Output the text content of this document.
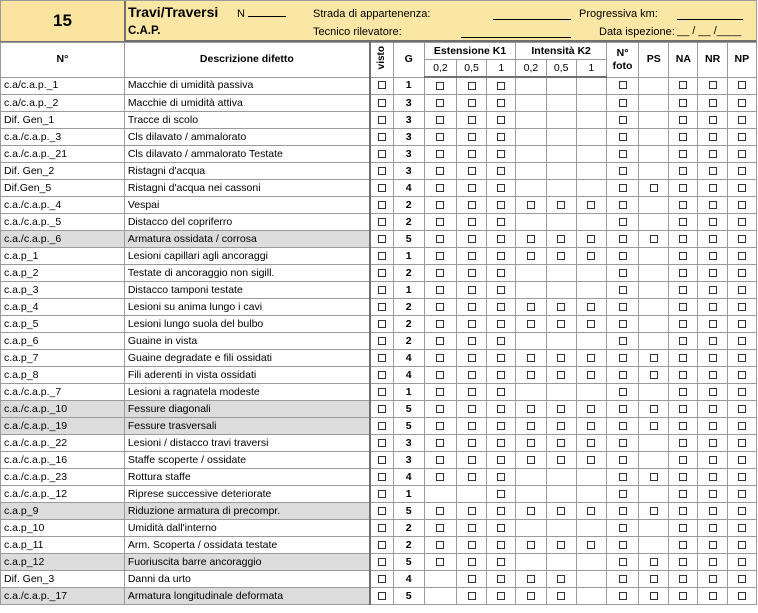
15	Travi/Traversi
C.A.P.
N	Strada di appartenenza:	Progressiva km:
Tecnico rilevatore:	Data ispezione: __ / __ /____
N°	Descrizione difetto	visto	G	Estensione K1			Intensità K2			N° foto	PS	NA	NR	NP
				0,2	0,5	1	0,2	0,5	1					
c.a/c.a.p._1	Macchie di umidità passiva		1											
c.a/c.a.p._2	Macchie di umidità attiva		3											
Dif. Gen_1	Tracce di scolo		3											
c.a./c.a.p._3	Cls dilavato / ammalorato		3											
c.a./c.a.p._21	Cls dilavato / ammalorato Testate		3											
Dif. Gen_2	Ristagni d'acqua		3											
Dif.Gen_5	Ristagni d'acqua nei cassoni		4											
c.a./c.a.p._4	Vespai		2											
c.a./c.a.p._5	Distacco del copriferro		2											
c.a./c.a.p._6	Armatura ossidata / corrosa		5											
c.a.p_1	Lesioni capillari agli ancoraggi		1											
c.a.p_2	Testate di ancoraggio non sigill.		2											
c.a.p_3	Distacco tamponi testate		1											
c.a.p_4	Lesioni su anima lungo i cavi		2											
c.a.p_5	Lesioni lungo suola del bulbo		2											
c.a.p_6	Guaine in vista		2											
c.a.p_7	Guaine degradate e fili ossidati		4											
c.a.p_8	Fili aderenti in vista ossidati		4											
c.a./c.a.p._7	Lesioni a ragnatela modeste		1											
c.a./c.a.p._10	Fessure diagonali		5											
c.a./c.a.p._19	Fessure trasversali		5											
c.a./c.a.p._22	Lesioni / distacco travi traversi		3											
c.a./c.a.p._16	Staffe scoperte / ossidate		3											
c.a./c.a.p._23	Rottura staffe		4											
c.a./c.a.p._12	Riprese successive deteriorate		1											
c.a.p_9	Riduzione armatura di precompr.		5											
c.a.p_10	Umidità dall'interno		2											
c.a.p_11	Arm. Scoperta / ossidata testate		2											
c.a.p_12	Fuoriuscita barre ancoraggio		5											
Dif. Gen_3	Danni da urto		4											
c.a./c.a.p._17	Armatura longitudinale deformata		5											
